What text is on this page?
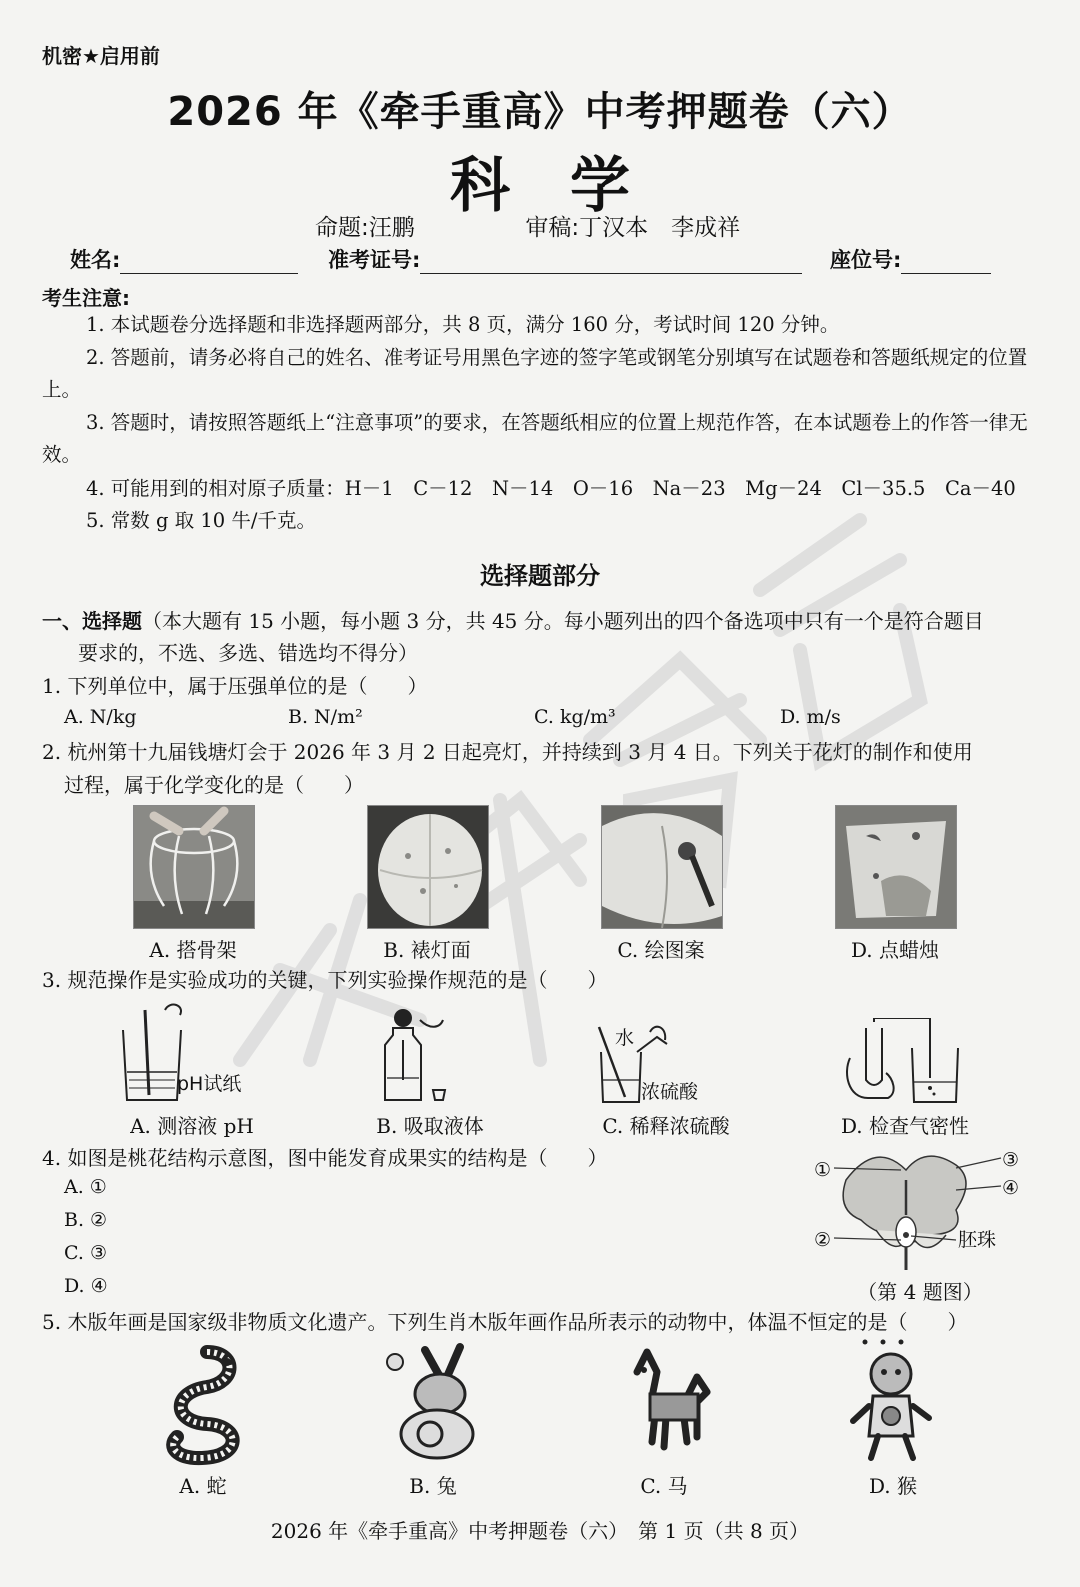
机密★启用前
2026 年《牵手重高》中考押题卷（六）
科学
命题:汪鹏	审稿:丁汉本　李成祥
姓名:	准考证号:	座位号:
考生注意:
1. 本试题卷分选择题和非选择题两部分，共 8 页，满分 160 分，考试时间 120 分钟。
2. 答题前，请务必将自己的姓名、准考证号用黑色字迹的签字笔或钢笔分别填写在试题卷和答题纸规定的位置上。
3. 答题时，请按照答题纸上“注意事项”的要求，在答题纸相应的位置上规范作答，在本试题卷上的作答一律无效。
4. 可能用到的相对原子质量：H－1　C－12　N－14　O－16　Na－23　Mg－24　Cl－35.5　Ca－40
5. 常数 g 取 10 牛/千克。
选择题部分
一、选择题（本大题有 15 小题，每小题 3 分，共 45 分。每小题列出的四个备选项中只有一个是符合题目
要求的，不选、多选、错选均不得分）
1. 下列单位中，属于压强单位的是（　　）
A. N/kg	B. N/m²	C. kg/m³	D. m/s
2. 杭州第十九届钱塘灯会于 2026 年 3 月 2 日起亮灯，并持续到 3 月 4 日。下列关于花灯的制作和使用
过程，属于化学变化的是（　　）
A. 搭骨架	B. 裱灯面	C. 绘图案	D. 点蜡烛
3. 规范操作是实验成功的关键，下列实验操作规范的是（　　）
pH试纸
水
浓硫酸
A. 测溶液 pH	B. 吸取液体	C. 稀释浓硫酸	D. 检查气密性
4. 如图是桃花结构示意图，图中能发育成果实的结构是（　　）
A. ①
B. ②
C. ③
D. ④
①
②
③
④
胚珠
（第 4 题图）
5. 木版年画是国家级非物质文化遗产。下列生肖木版年画作品所表示的动物中，体温不恒定的是（　　）
A. 蛇	B. 兔	C. 马	D. 猴
2026 年《牵手重高》中考押题卷（六）　第 1 页（共 8 页）
